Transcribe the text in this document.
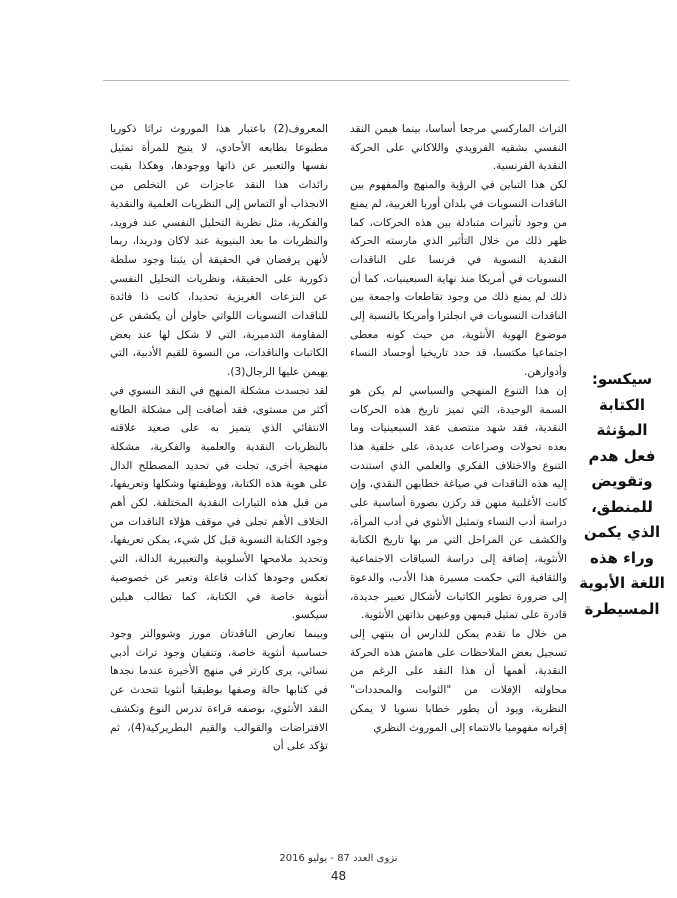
التراث الماركسي مرجعا أساسا، بينما هيمن النقد النفسي بشقيه الفرويدي واللاكاني على الحركة النقدية الفرنسية.

لكن هذا التباين في الرؤية والمنهج والمفهوم بين الناقدات النسويات في بلدان أوربا الغربية، لم يمنع من وجود تأثيرات متبادلة بين هذه الحركات، كما ظهر ذلك من خلال التأثير الذي مارسته الحركة النقدية النسوية في فرنسا على الناقدات النسويات في أمريكا منذ نهاية السبعينيات، كما أن ذلك لم يمنع ذلك من وجود تقاطعات واجمعة بين الناقدات النسويات في انجلترا وأمريكا بالنسبة إلى موضوع الهوية الأنثوية، من حيث كونه معطى اجتماعيا مكتسبا، قد حدد تاريخيا أوجساد النساء وأدوارهن.

إن هذا التنوع المنهجي والسياسي لم يكن هو السمة الوحيدة، التي تميز تاريخ هذه الحركات النقدية، فقد شهد منتصف عقد السبعينيات وما بعده تحولات وصراعات عديدة، على خلفية هذا التنوع والاختلاف الفكري والعلمي الذي استندت إليه هذه الناقدات في صياغة خطابهن النقدي، وإن كانت الأغلبية منهن قد ركزن بصورة أساسية على دراسة أدب النساء وتمثيل الأنثوي في أدب المرأة، والكشف عن المراحل التي مر بها تاريخ الكتابة الأنثوية، إضافة إلى دراسة السياقات الاجتماعية والثقافية التي حكمت مسيرة هذا الأدب، والدعوة إلى ضرورة تطوير الكاتبات لأشكال تعبير جديدة، قادرة على تمثيل قيمهن ووعيهن بذاتهن الأنثوية.

من خلال ما تقدم يمكن للدارس أن ينتهي إلى تسجيل بعض الملاحظات على هامش هذه الحركة النقدية، أهمها أن هذا النقد على الرغم من محاولته الإفلات من "الثوابت والمحددات" النظرية، ويود أن يطور خطابا نسويا لا يمكن إقرانه مفهوميا بالانتماء إلى الموروث النظري

المعروف(2) باعتبار هذا الموروث تراثا ذكوريا مطبوعا بطابعه الأحادي، لا يتيح للمرأة تمثيل نفسها والتعبير عن ذاتها ووجودها، وهكذا بقيت رائدات هذا النقد عاجزات عن التخلص من الانجذاب أو التماس إلى النظريات العلمية والنقدية والفكرية، مثل نظرية التحليل النفسي عند فرويد، والنظريات ما بعد البنيوية عند لاكان ودريدا، ربما لأنهن يرفضان في الحقيقة أن يثبتا وجود سلطة ذكورية على الحقيقة، ونظريات التحليل النفسي عن النزعات الغريزية تحديدا، كانت ذا فائدة للناقدات النسويات اللواتي حاولن أن يكشفن عن المقاومة التدميرية، التي لا شكل لها عند بعض الكاتبات والناقدات، من النسوة للقيم الأدبية، التي يهيمن عليها الرجال(3).

لقد تجسدت مشكلة المنهج في النقد النسوي في أكثر من مستوى، فقد أضافت إلى مشكلة الطابع الانتقائي الذي يتميز به على صعيد علاقته بالنظريات النقدية والعلمية والفكرية، مشكلة منهجية أخرى، تجلت في تحديد المصطلح الدال على هوية هذه الكتابة، ووظيفتها وشكلها وتعريفها، من قبل هذه التيارات النقدية المختلفة. لكن أهم الخلاف الأهم تجلى في موقف هؤلاء الناقدات من وجود الكتابة النسوية قبل كل شيء، يمكن تعريفها، وتحديد ملامحها الأسلوبية والتعبيرية الدالة، التي تعكس وجودها كذات فاعلة وتعبر عن خصوصية أنثوية خاصة في الكتابة، كما تطالب هيلين سيكسو.

وبينما تعارض الناقدتان مورز وشووالتر وجود حساسية أنثوية خاصة، وتنفيان وجود تراث أدبي نسائي، يرى كارتر في منهج الأخيرة عندما نجدها في كتابها حالة وصفها بوطيقيا أنثويا تتحدث عن النقد الأنثوي، بوصفه قراءة تدرس النوع وتكشف الافتراضات والقوالب والقيم البطريركية(4)، ثم تؤكد على أن

سيكسو:
الكتابة المؤنثة
فعل هدم
وتقويض
للمنطق،
الذي يكمن
وراء هذه
اللغة الأبوية
المسيطرة
نزوى العدد 87 - يوليو 2016
48
